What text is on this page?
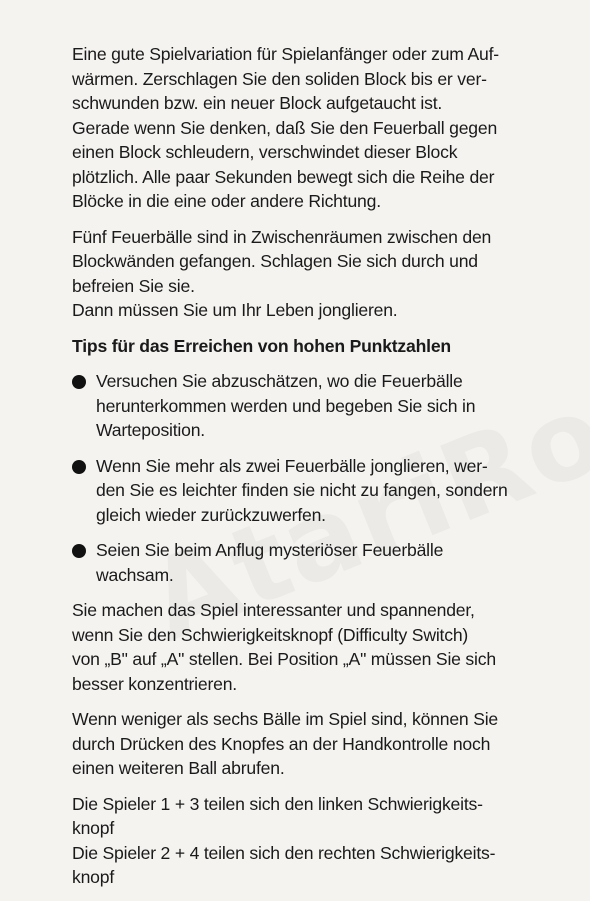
Eine gute Spielvariation für Spielanfänger oder zum Auf-
wärmen. Zerschlagen Sie den soliden Block bis er ver-
schwunden bzw. ein neuer Block aufgetaucht ist.
Gerade wenn Sie denken, daß Sie den Feuerball gegen
einen Block schleudern, verschwindet dieser Block
plötzlich. Alle paar Sekunden bewegt sich die Reihe der
Blöcke in die eine oder andere Richtung.

Fünf Feuerbälle sind in Zwischenräumen zwischen den
Blockwänden gefangen. Schlagen Sie sich durch und
befreien Sie sie.
Dann müssen Sie um Ihr Leben jonglieren.

Tips für das Erreichen von hohen Punktzahlen
Versuchen Sie abzuschätzen, wo die Feuerbälle
herunterkommen werden und begeben Sie sich in
Warteposition.
Wenn Sie mehr als zwei Feuerbälle jonglieren, wer-
den Sie es leichter finden sie nicht zu fangen, sondern
gleich wieder zurückzuwerfen.
Seien Sie beim Anflug mysteriöser Feuerbälle
wachsam.

Sie machen das Spiel interessanter und spannender,
wenn Sie den Schwierigkeitsknopf (Difficulty Switch)
von „B" auf „A" stellen. Bei Position „A" müssen Sie sich
besser konzentrieren.

Wenn weniger als sechs Bälle im Spiel sind, können Sie
durch Drücken des Knopfes an der Handkontrolle noch
einen weiteren Ball abrufen.

Die Spieler 1 + 3 teilen sich den linken Schwierigkeits-
knopf
Die Spieler 2 + 4 teilen sich den rechten Schwierigkeits-
knopf
